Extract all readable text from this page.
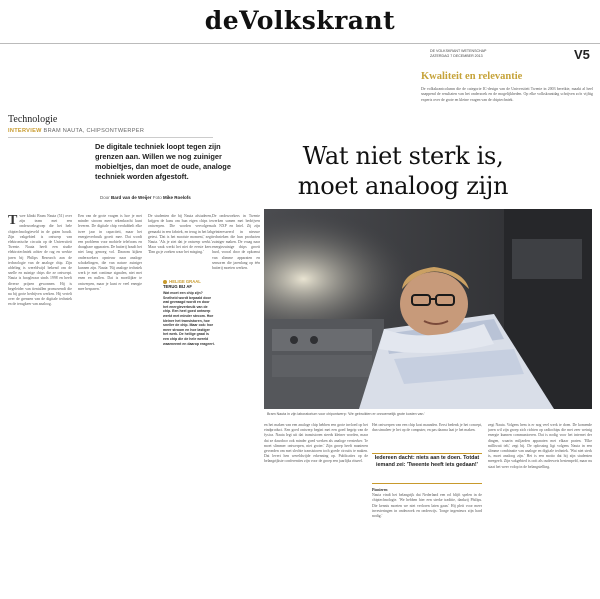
deVolkskrant
DE VOLKSKRANT WETENSCHAP
ZATERDAG 7 DECEMBER 2013	V5
Kwaliteit en relevantie
De volkskrantcolumn die de categorie IC-design van de Universiteit Twente in 2003 bereikte, maakt al heel snappend de resultaten van het onderzoek en de mogelijkheden. Op elke volkskrantdag schrijven zo'n vijftig experts over de grote en kleine vragen van de chiptechniek.
Technologie
INTERVIEW BRAM NAUTA, CHIPSONTWERPER
De digitale techniek loopt tegen zijn grenzen aan. Willen we nog zuiniger mobieltjes, dan moet de oude, analoge techniek worden afgestoft.
Door Bard van de Weijer Foto Mike Roelofs
Wat niet sterk is,
moet analoog zijn
Bram Nauta in zijn laboratorium voor chipontwerp: 'We gebruikten er onnoemelijk grote kosten van.'
T wee klinkt Bram Nauta (51) over zijn team met een onderzoeksgroep die het hele chiptechnologieveld in de gaten houdt. Zijn vakgebied is ontwerp van elektronische circuits op de Universiteit Twente. Nauta heeft een studie elektrotechniek achter de rug en werkte jaren bij Philips Research aan de technologie van de analoge chip. Zijn afdeling is wereldwijd bekend om de snelle en zuinige chips die ze ontwerpt. Nauta is hoogleraar sinds 1998 en heeft diverse prijzen gewonnen. Hij is begeleider van tientallen promovendi die nu bij grote bedrijven werken. Hij vertelt over de grenzen van de digitale techniek en de terugkeer van analoog.
Een van de grote vragen is hoe je met minder stroom meer rekenkracht kunt leveren. De digitale chip verdubbelt elke twee jaar in capaciteit, maar het energieverbruik groeit mee. Dat wordt een probleem voor mobiele telefoons en draagbare apparaten. De batterij houdt het niet lang genoeg vol. Daarom kijken onderzoekers opnieuw naar analoge schakelingen, die van nature zuiniger kunnen zijn. Nauta: 'Bij analoge techniek werk je met continue signalen, niet met enen en nullen. Dat is moeilijker te ontwerpen, maar je kunt er veel energie mee besparen.'
De studenten die bij Nauta afstuderen, krijgen de kans om hun eigen chips te ontwerpen. Die worden vervolgens gemaakt in een fabriek, en terug in het lab getest. 'Dat is het mooiste moment,' zegt Nauta. 'Als je ziet dat je ontwerp werkt.' Maar vaak werkt het niet de eerste keer. 'Dan ga je zoeken waar het misging.'
HELIGE GRAAL TERUG BIJ AF
Wat moet een chip zijn? Snelheid wordt bepaald door wat gevraagd wordt en door het energieverbruik van de chip. Een heel goed ontwerp werkt met minder stroom. Hoe kleiner het transistoren, hoe sneller de chip. Maar ook: hoe meer stroom en hoe lastiger het werk. De heilige graal is een chip die de hele wereld waarneemt en daarop reageert.
De onderzoekers in Twente werken samen met bedrijven als NXP en Intel. Zij zijn geïnteresseerd in nieuwe technieken die hun producten zuiniger maken. De vraag naar energiezuinige chips groeit hard, vooral door de opkomst van slimme apparaten en sensoren die jarenlang op één batterij moeten werken.
en het maken van een analoge chip hebben een grote invloed op het eindproduct. Een goed ontwerp begint met een goed begrip van de fysica. Nauta legt uit dat transistoren steeds kleiner worden, maar dat ze daardoor ook minder goed werken als analoge versterker. 'Je moet slimmer ontwerpen, niet groter.' Zijn groep heeft manieren gevonden om met slechte transistoren toch goede circuits te maken. Dat levert hen wereldwijde erkenning op. Publicaties op de belangrijkste conferenties zijn voor de groep een jaarlijks ritueel.
Het ontwerpen van een chip kost maanden. Eerst bedenk je het concept, dan simuleer je het op de computer, en pas daarna laat je het maken.
Iedereen dacht: niets aan te doen. Totdat iemand zei: 'Tweente heeft iets gedaan!'
Pionieren
Nauta vindt het belangrijk dat Nederland een rol blijft spelen in de chiptechnologie. 'We hebben hier een sterke traditie, dankzij Philips. Die kennis moeten we niet verloren laten gaan.' Hij pleit voor meer investeringen in onderzoek en onderwijs. 'Jonge ingenieurs zijn hard nodig.'
zegt Nauta. Volgens hem is er nog veel werk te doen. De komende jaren wil zijn groep zich richten op radiochips die met zeer weinig energie kunnen communiceren. Dat is nodig voor het internet der dingen, waarin miljarden apparaten met elkaar praten. 'Elke milliwatt telt,' zegt hij. De oplossing ligt volgens Nauta in een slimme combinatie van analoge en digitale techniek. 'Wat niet sterk is, moet analoog zijn.' Het is een motto dat hij zijn studenten meegeeft. Zijn vakgebied is ooit als ouderwets bestempeld, maar nu staat het weer volop in de belangstelling.
